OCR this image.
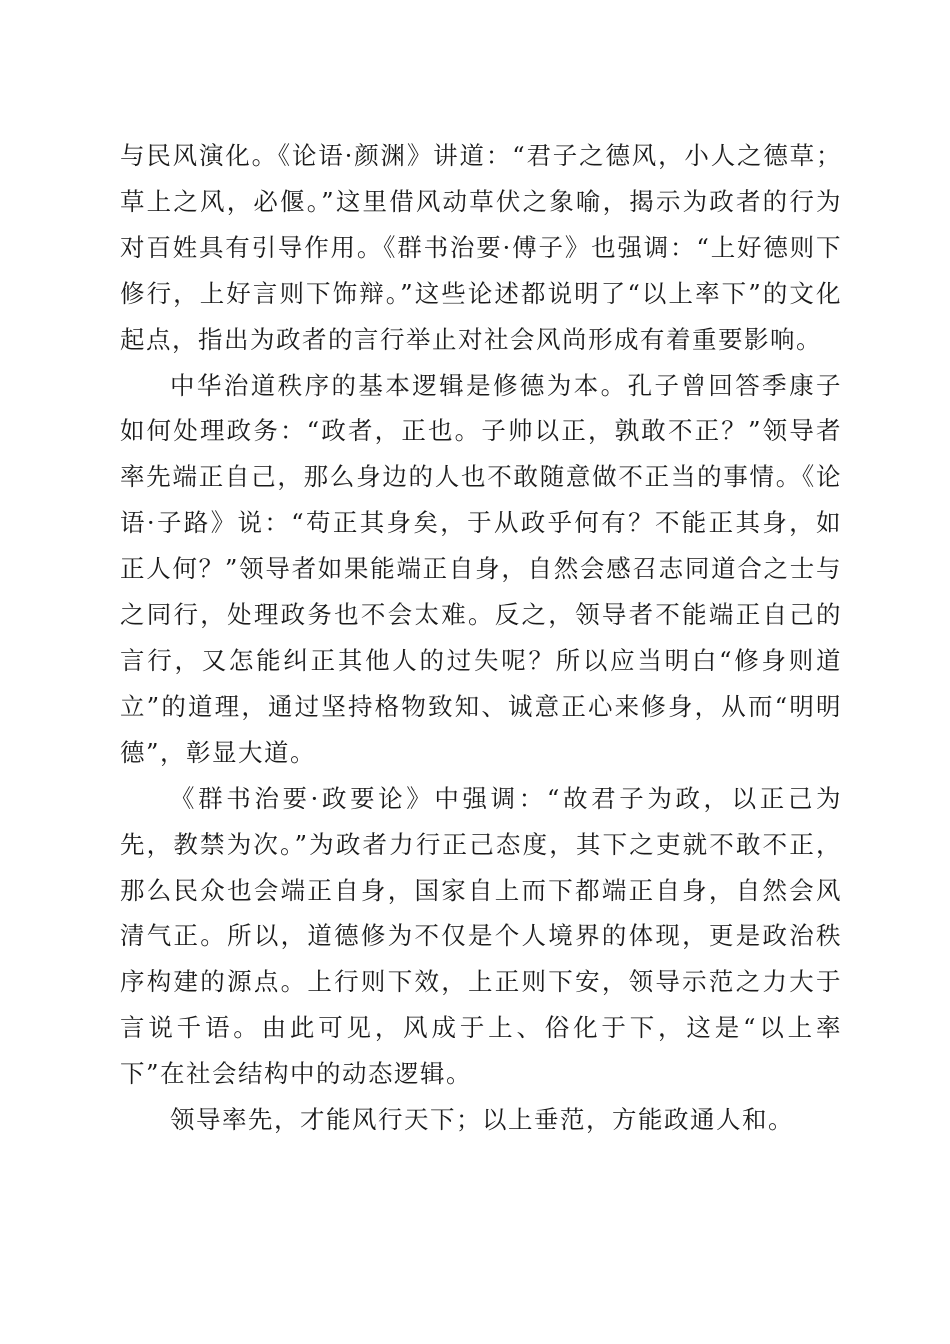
与民风演化。《论语·颜渊》讲道：“君子之德风，小人之德草；草上之风，必偃。”这里借风动草伏之象喻，揭示为政者的行为对百姓具有引导作用。《群书治要·傅子》也强调：“上好德则下修行，上好言则下饰辩。”这些论述都说明了“以上率下”的文化起点，指出为政者的言行举止对社会风尚形成有着重要影响。

中华治道秩序的基本逻辑是修德为本。孔子曾回答季康子如何处理政务：“政者，正也。子帅以正，孰敢不正？”领导者率先端正自己，那么身边的人也不敢随意做不正当的事情。《论语·子路》说：“苟正其身矣，于从政乎何有？不能正其身，如正人何？”领导者如果能端正自身，自然会感召志同道合之士与之同行，处理政务也不会太难。反之，领导者不能端正自己的言行，又怎能纠正其他人的过失呢？所以应当明白“修身则道立”的道理，通过坚持格物致知、诚意正心来修身，从而“明明德”，彰显大道。

《群书治要·政要论》中强调：“故君子为政，以正己为先，教禁为次。”为政者力行正己态度，其下之吏就不敢不正，那么民众也会端正自身，国家自上而下都端正自身，自然会风清气正。所以，道德修为不仅是个人境界的体现，更是政治秩序构建的源点。上行则下效，上正则下安，领导示范之力大于言说千语。由此可见，风成于上、俗化于下，这是“以上率下”在社会结构中的动态逻辑。

领导率先，才能风行天下；以上垂范，方能政通人和。
